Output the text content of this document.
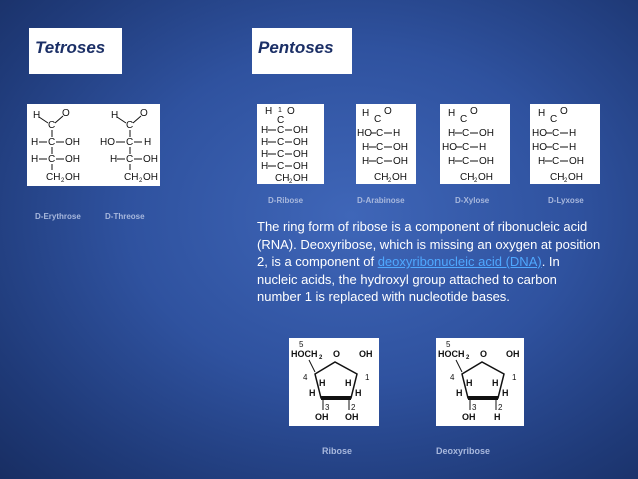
Tetroses	Pentoses
H
C
O
H C OH
H C OH
CH 2 OH
H
C
O
HO C H
H C OH
CH 2 OH
D-Erythrose	D-Threose
H 1 O
C
H C OH
H C OH
H C OH
H C OH
CH 2 OH
H
C
O
HO C H
H C OH
H C OH
CH 2 OH
H
C
O
H C OH
HO C H
H C OH
CH 2 OH
H
C
O
HO C H
HO C H
H C OH
CH 2 OH
D-Ribose	D-Arabinose	D-Xylose	D-Lyxose
The ring form of ribose is a component of ribonucleic acid (RNA). Deoxyribose, which is missing an oxygen at position 2, is a component of deoxyribonucleic acid (DNA). In nucleic acids, the hydroxyl group attached to carbon number 1 is replaced with nucleotide bases.
5
HOCH 2 O OH
4	1
H H
H	H
3	2
OH OH
5
HOCH 2 O OH
4	1
H H
H	H
3	2
OH H
Ribose	Deoxyribose
